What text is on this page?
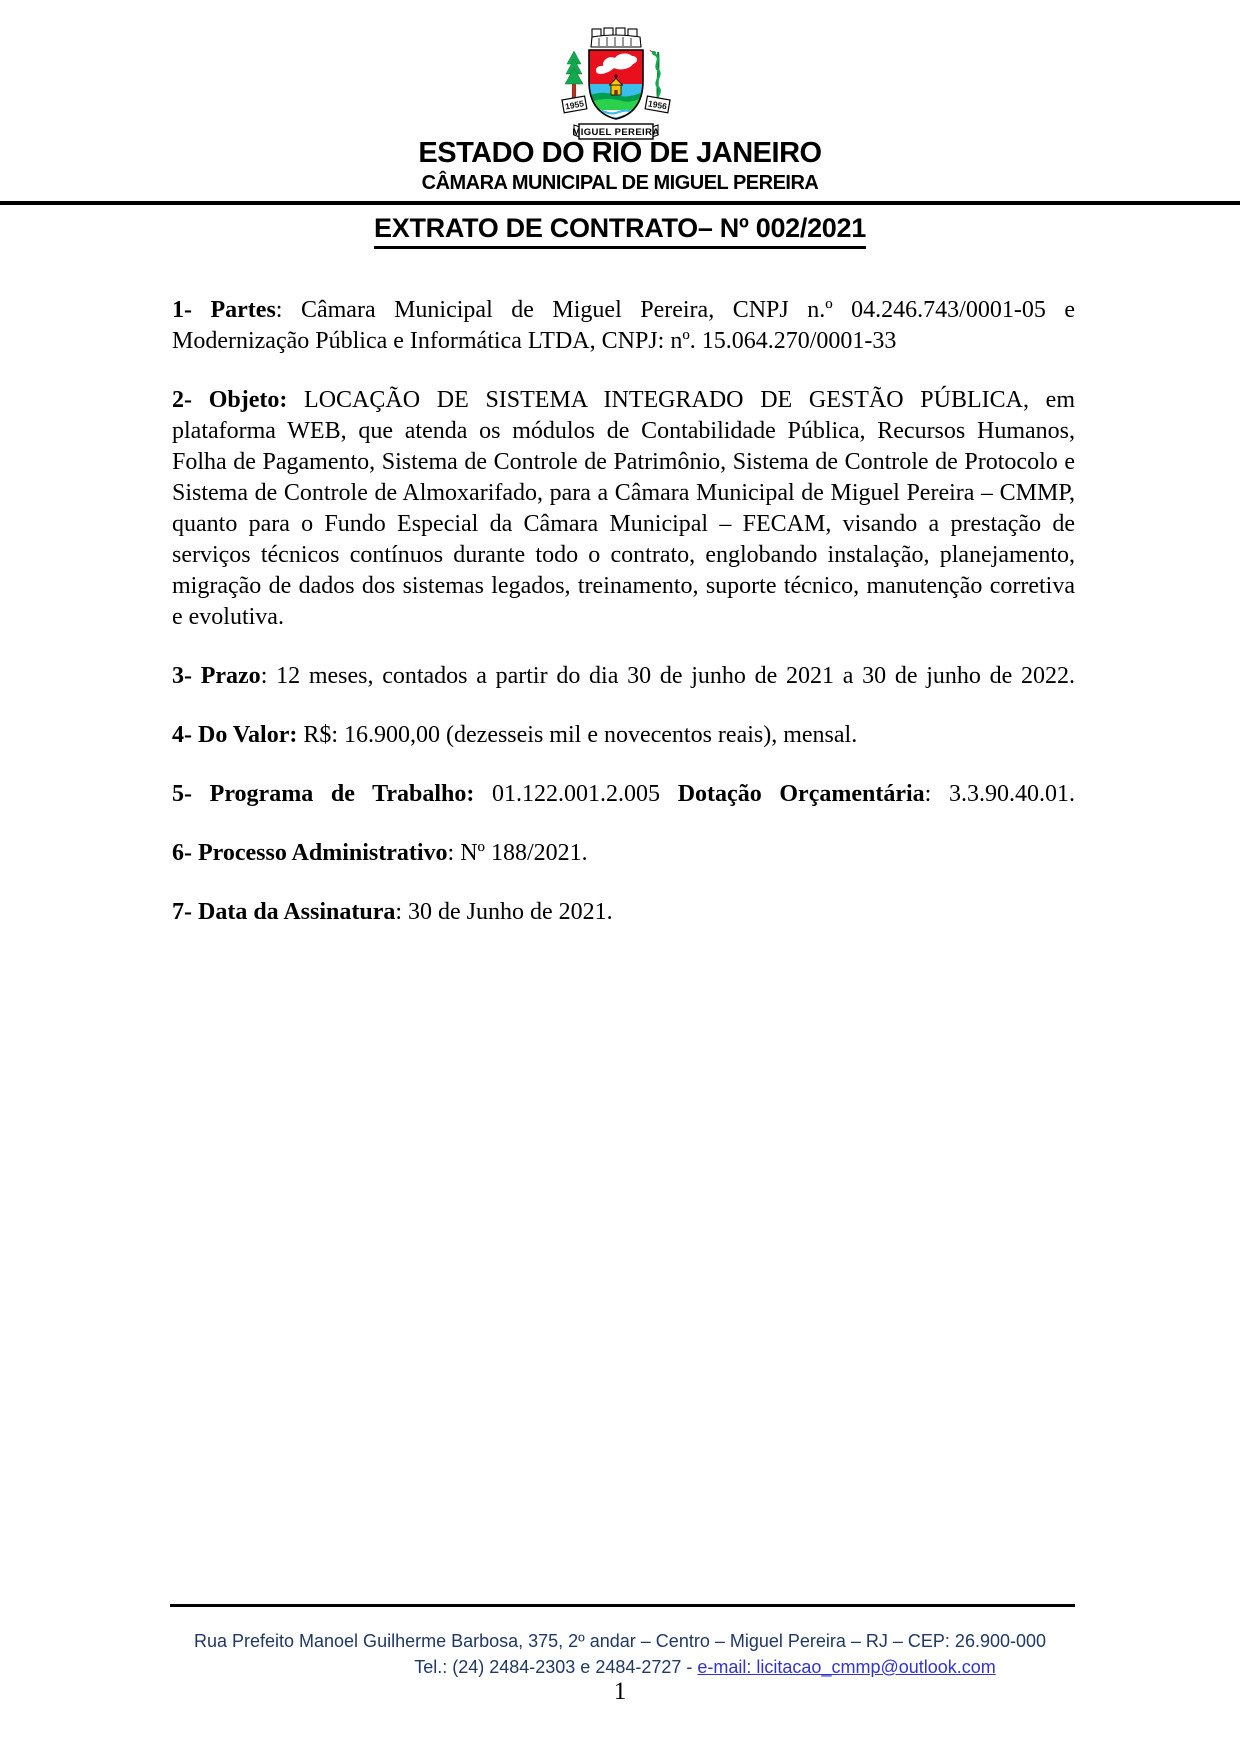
1955	1956
MIGUEL PEREIRA
ESTADO DO RIO DE JANEIRO
CÂMARA MUNICIPAL DE MIGUEL PEREIRA
EXTRATO DE CONTRATO– Nº 002/2021

1- Partes: Câmara Municipal de Miguel Pereira, CNPJ n.º 04.246.743/0001-05 e Modernização Pública e Informática LTDA, CNPJ: nº. 15.064.270/0001-33

2- Objeto: LOCAÇÃO DE SISTEMA INTEGRADO DE GESTÃO PÚBLICA, em plataforma WEB, que atenda os módulos de Contabilidade Pública, Recursos Humanos, Folha de Pagamento, Sistema de Controle de Patrimônio, Sistema de Controle de Protocolo e Sistema de Controle de Almoxarifado, para a Câmara Municipal de Miguel Pereira – CMMP, quanto para o Fundo Especial da Câmara Municipal – FECAM, visando a prestação de serviços técnicos contínuos durante todo o contrato, englobando instalação, planejamento, migração de dados dos sistemas legados, treinamento, suporte técnico, manutenção corretiva e evolutiva.

3- Prazo: 12 meses, contados a partir do dia 30 de junho de 2021 a 30 de junho de 2022.

4- Do Valor: R$: 16.900,00 (dezesseis mil e novecentos reais), mensal.

5- Programa de Trabalho: 01.122.001.2.005 Dotação Orçamentária: 3.3.90.40.01.

6- Processo Administrativo: Nº 188/2021.

7- Data da Assinatura: 30 de Junho de 2021.

Rua Prefeito Manoel Guilherme Barbosa, 375, 2º andar – Centro – Miguel Pereira – RJ – CEP: 26.900-000
Tel.: (24) 2484-2303 e 2484-2727 - e-mail: licitacao_cmmp@outlook.com
1
